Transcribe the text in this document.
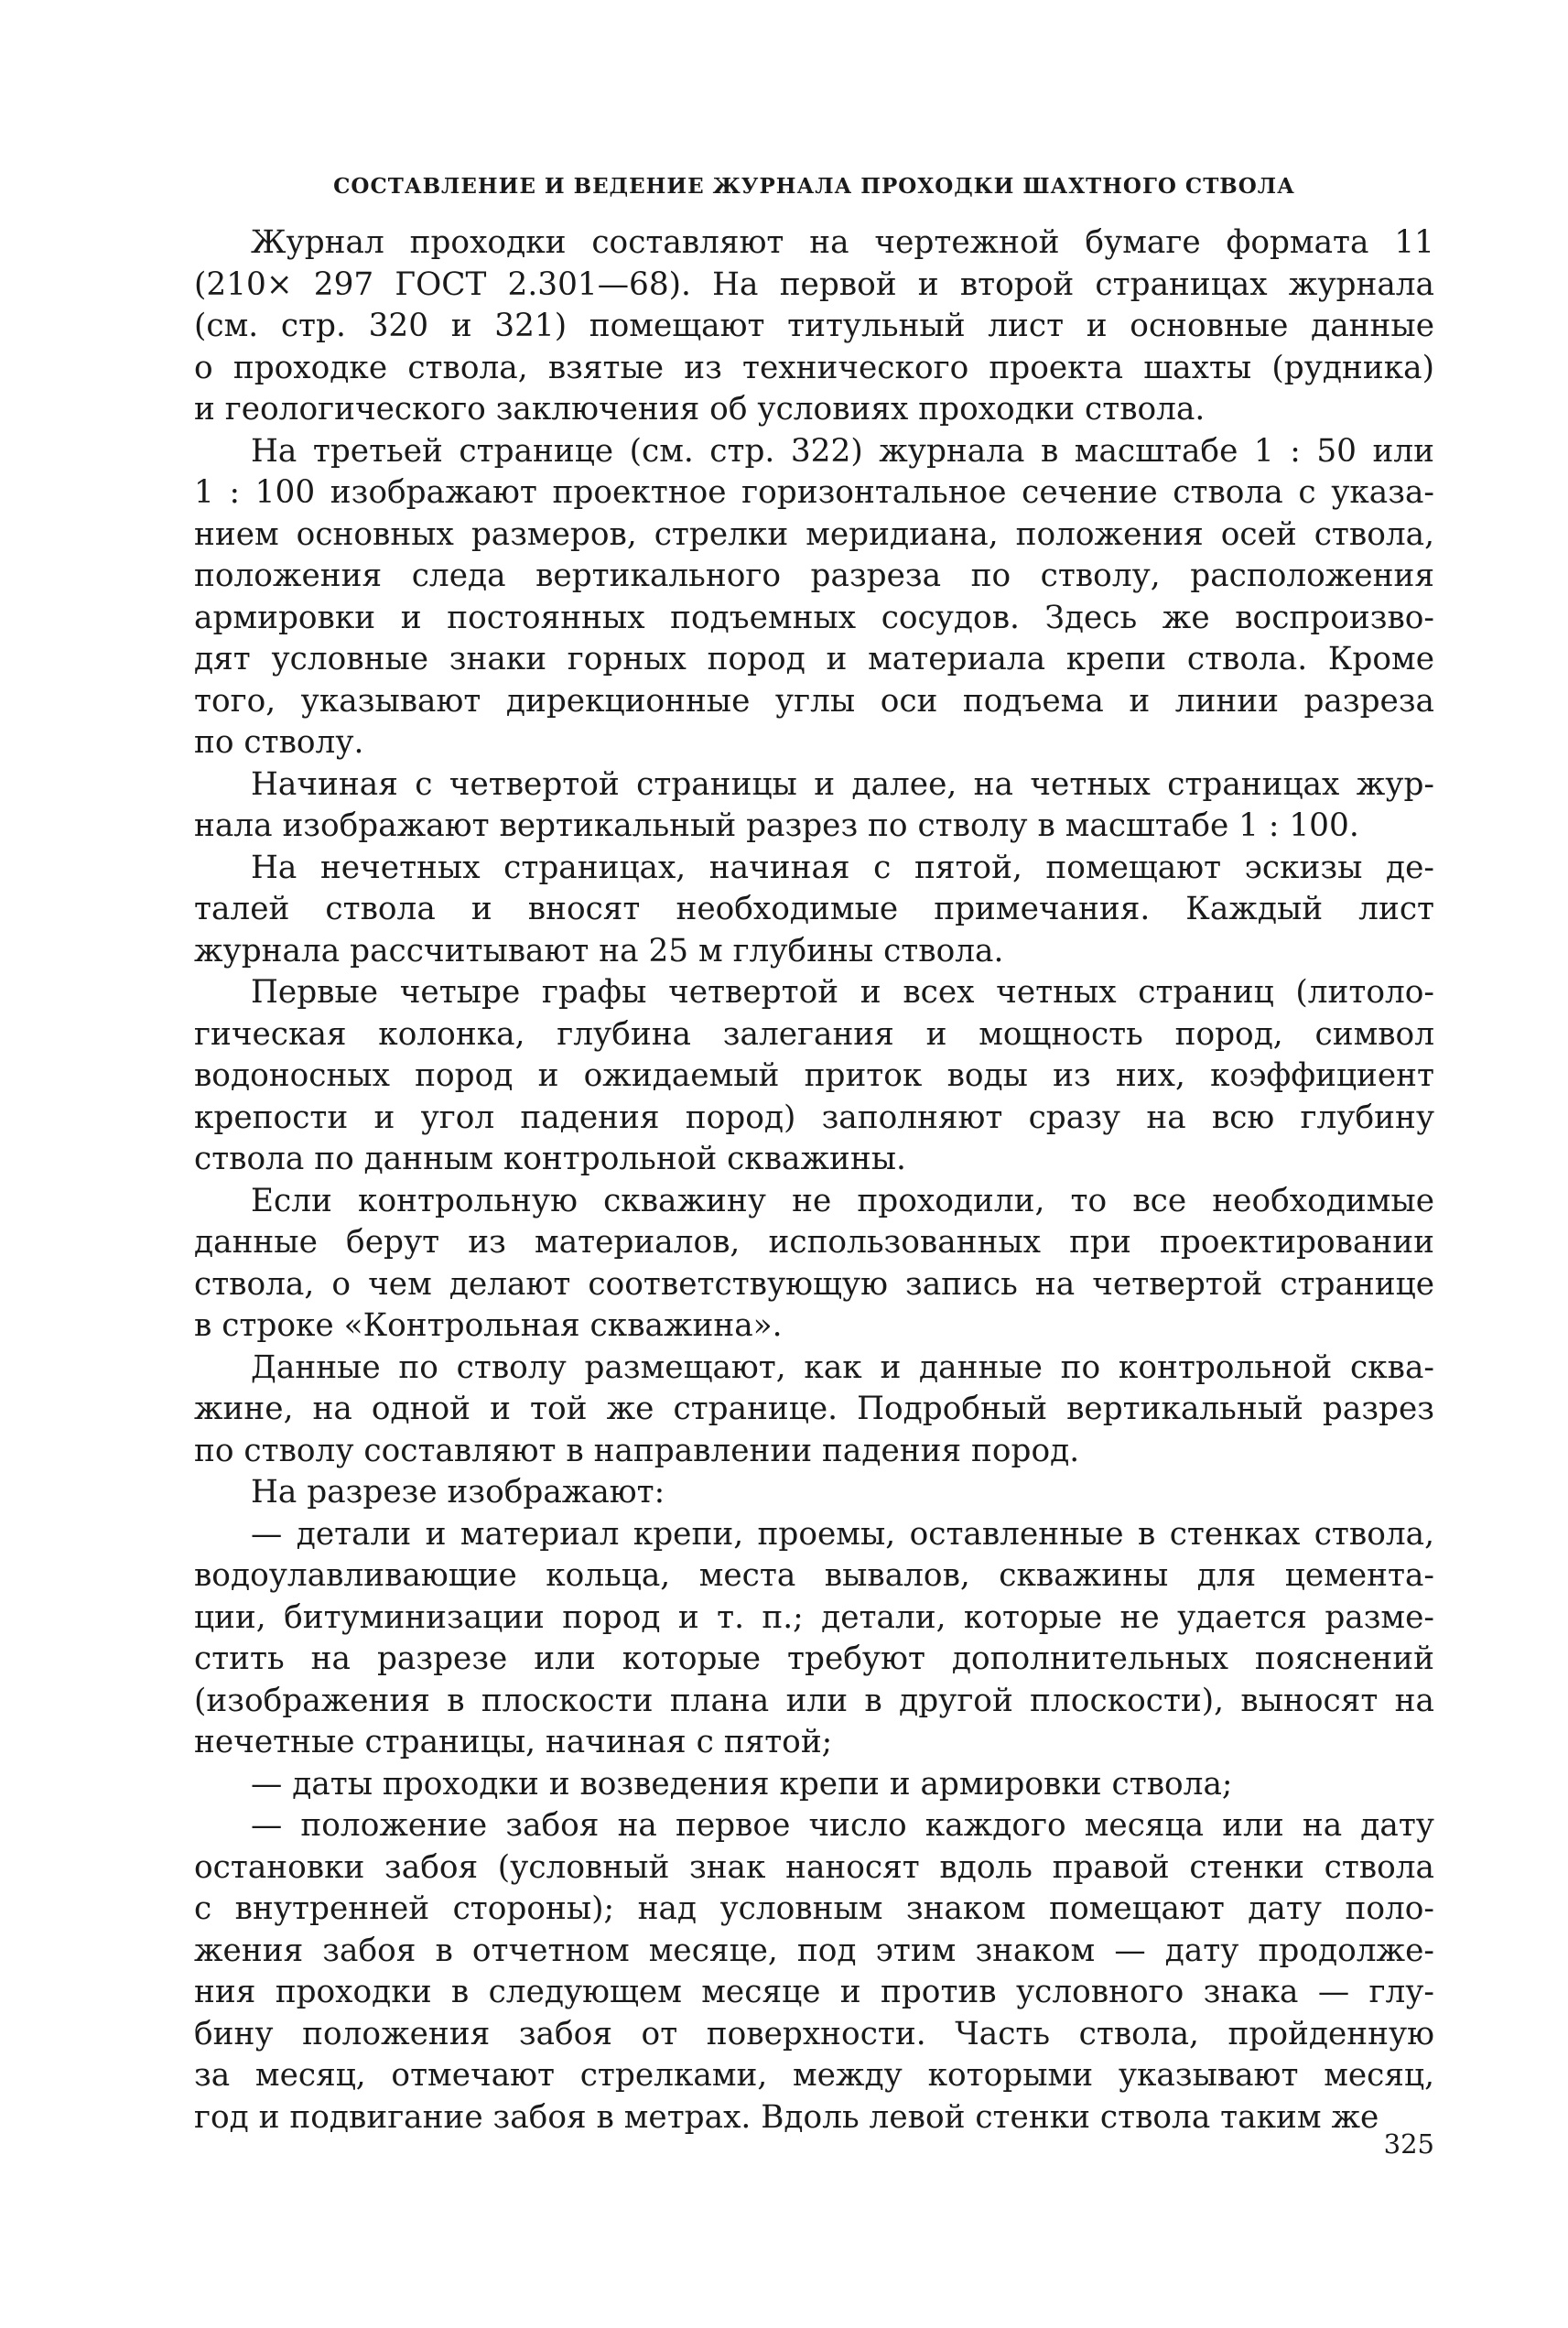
СОСТАВЛЕНИЕ И ВЕДЕНИЕ ЖУРНАЛА ПРОХОДКИ ШАХТНОГО СТВОЛА
Журнал проходки составляют на чертежной бумаге формата 11
(210× 297 ГОСТ 2.301—68). На первой и второй страницах журнала
(см. стр. 320 и 321) помещают титульный лист и основные данные
о проходке ствола, взятые из технического проекта шахты (рудника)
и геологического заключения об условиях проходки ствола.
На третьей странице (см. стр. 322) журнала в масштабе 1 : 50 или
1 : 100 изображают проектное горизонтальное сечение ствола с указа-
нием основных размеров, стрелки меридиана, положения осей ствола,
положения следа вертикального разреза по стволу, расположения
армировки и постоянных подъемных сосудов. Здесь же воспроизво-
дят условные знаки горных пород и материала крепи ствола. Кроме
того, указывают дирекционные углы оси подъема и линии разреза
по стволу.
Начиная с четвертой страницы и далее, на четных страницах жур-
нала изображают вертикальный разрез по стволу в масштабе 1 : 100.
На нечетных страницах, начиная с пятой, помещают эскизы де-
талей ствола и вносят необходимые примечания. Каждый лист
журнала рассчитывают на 25 м глубины ствола.
Первые четыре графы четвертой и всех четных страниц (литоло-
гическая колонка, глубина залегания и мощность пород, символ
водоносных пород и ожидаемый приток воды из них, коэффициент
крепости и угол падения пород) заполняют сразу на всю глубину
ствола по данным контрольной скважины.
Если контрольную скважину не проходили, то все необходимые
данные берут из материалов, использованных при проектировании
ствола, о чем делают соответствующую запись на четвертой странице
в строке «Контрольная скважина».
Данные по стволу размещают, как и данные по контрольной сква-
жине, на одной и той же странице. Подробный вертикальный разрез
по стволу составляют в направлении падения пород.
На разрезе изображают:
— детали и материал крепи, проемы, оставленные в стенках ствола,
водоулавливающие кольца, места вывалов, скважины для цемента-
ции, битуминизации пород и т. п.; детали, которые не удается разме-
стить на разрезе или которые требуют дополнительных пояснений
(изображения в плоскости плана или в другой плоскости), выносят на
нечетные страницы, начиная с пятой;
— даты проходки и возведения крепи и армировки ствола;
— положение забоя на первое число каждого месяца или на дату
остановки забоя (условный знак наносят вдоль правой стенки ствола
с внутренней стороны); над условным знаком помещают дату поло-
жения забоя в отчетном месяце, под этим знаком — дату продолже-
ния проходки в следующем месяце и против условного знака — глу-
бину положения забоя от поверхности. Часть ствола, пройденную
за месяц, отмечают стрелками, между которыми указывают месяц,
год и подвигание забоя в метрах. Вдоль левой стенки ствола таким же
325
